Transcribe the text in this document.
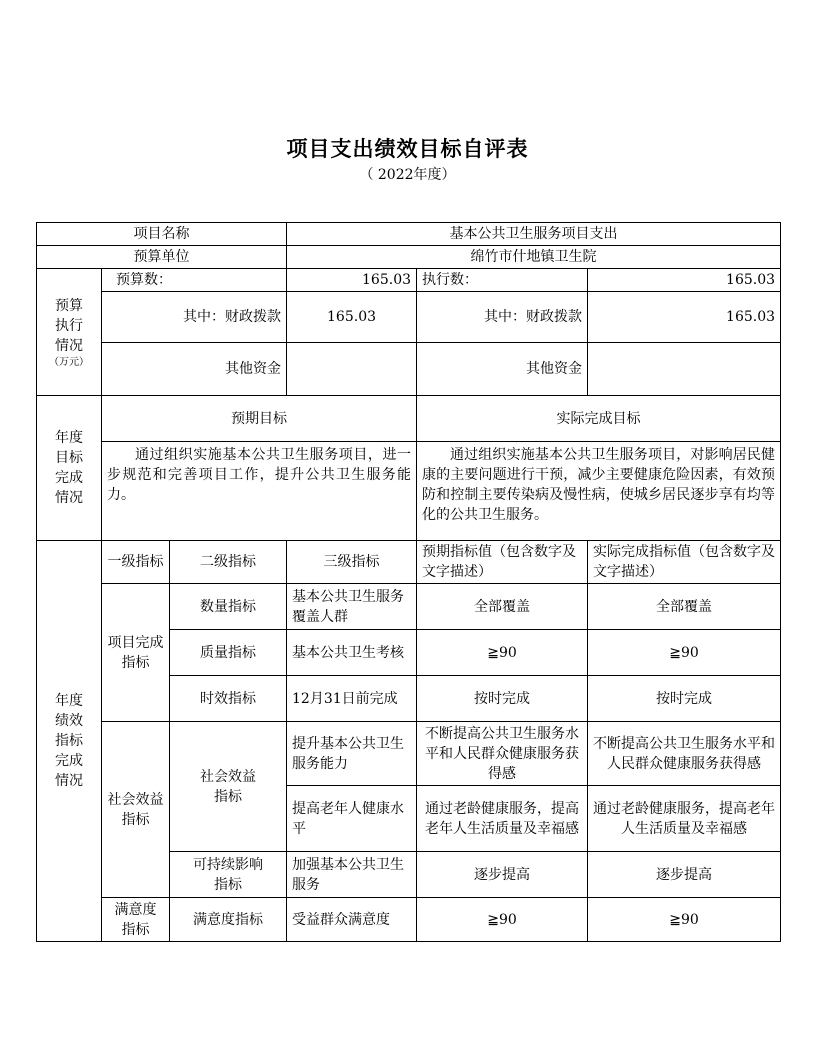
项目支出绩效目标自评表
（ 2022年度）
项目名称			基本公共卫生服务项目支出		
预算单位			绵竹市什地镇卫生院		

预算执行情况
（万元）	预算数：		165.03	执行数：	165.03
	其中：财政拨款		165.03	其中：财政拨款	165.03
	其他资金			其他资金	

年度目标完成情况	预期目标			实际完成目标	
	通过组织实施基本公共卫生服务项目，进一步规范和完善项目工作，提升公共卫生服务能力。			通过组织实施基本公共卫生服务项目，对影响居民健康的主要问题进行干预，减少主要健康危险因素，有效预防和控制主要传染病及慢性病，使城乡居民逐步享有均等化的公共卫生服务。	

年度绩效指标完成情况	一级指标	二级指标	三级指标	预期指标值（包含数字及文字描述）	实际完成指标值（包含数字及文字描述）
	项目完成指标	数量指标	基本公共卫生服务覆盖人群	全部覆盖	全部覆盖
		质量指标	基本公共卫生考核	≧90	≧90
		时效指标	12月31日前完成	按时完成	按时完成

	社会效益指标	社会效益指标	提升基本公共卫生服务能力	不断提高公共卫生服务水平和人民群众健康服务获得感	不断提高公共卫生服务水平和人民群众健康服务获得感
			提高老年人健康水平	通过老龄健康服务，提高老年人生活质量及幸福感	通过老龄健康服务，提高老年人生活质量及幸福感

		可持续影响指标	加强基本公共卫生服务	逐步提高	逐步提高

	满意度指标	满意度指标	受益群众满意度	≧90	≧90
